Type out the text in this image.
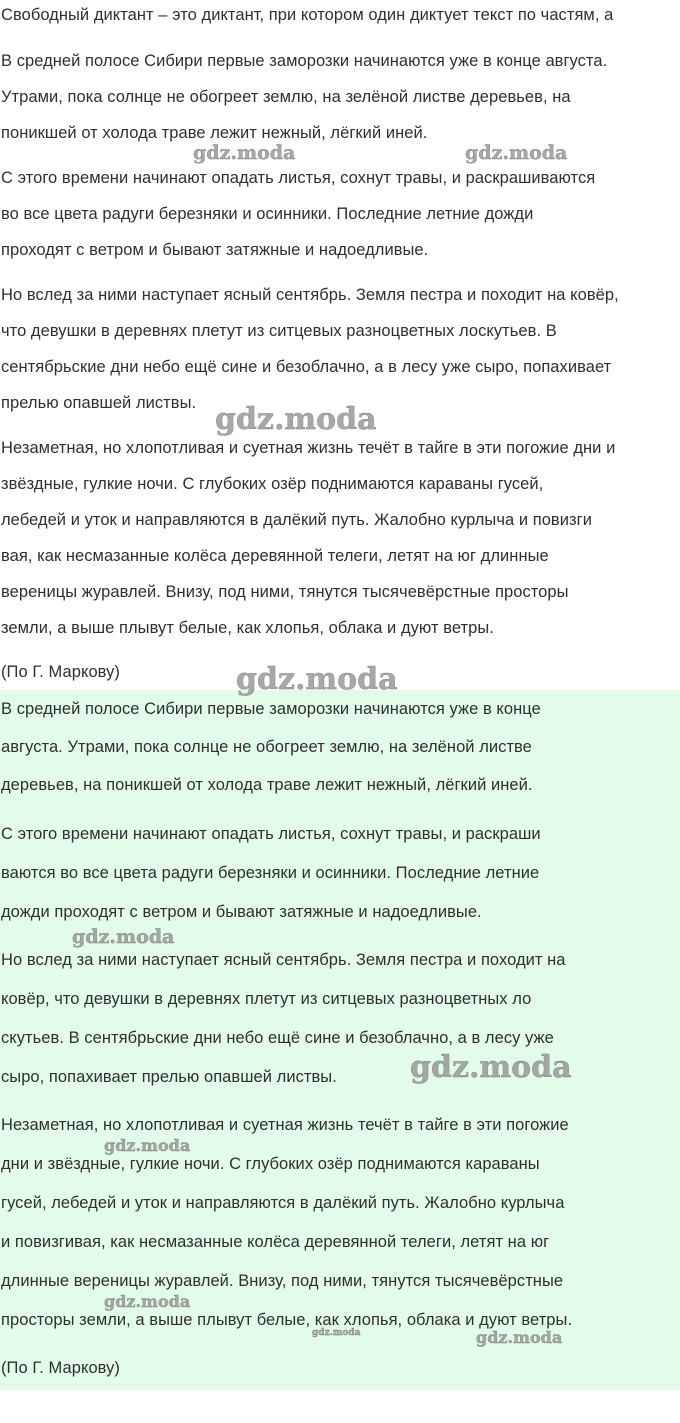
Свободный диктант – это диктант, при котором один диктует текст по частям, а
В средней полосе Сибири первые заморозки начинаются уже в конце августа.
Утрами, пока солнце не обогреет землю, на зелёной листве деревьев, на
поникшей от холода траве лежит нежный, лёгкий иней.
С этого времени начинают опадать листья, сохнут травы, и раскрашиваются
во все цвета радуги березняки и осинники. Последние летние дожди
проходят с ветром и бывают затяжные и надоедливые.
Но вслед за ними наступает ясный сентябрь. Земля пестра и походит на ковёр,
что девушки в деревнях плетут из ситцевых разноцветных лоскутьев. В
сентябрьские дни небо ещё сине и безоблачно, а в лесу уже сыро, попахивает
прелью опавшей листвы.
Незаметная, но хлопотливая и суетная жизнь течёт в тайге в эти погожие дни и
звёздные, гулкие ночи. С глубоких озёр поднимаются караваны гусей,
лебедей и уток и направляются в далёкий путь. Жалобно курлыча и повизги
вая, как несмазанные колёса деревянной телеги, летят на юг длинные
вереницы журавлей. Внизу, под ними, тянутся тысячевёрстные просторы
земли, а выше плывут белые, как хлопья, облака и дуют ветры.
(По Г. Маркову)
В средней полосе Сибири первые заморозки начинаются уже в конце
августа. Утрами, пока солнце не обогреет землю, на зелёной листве
деревьев, на поникшей от холода траве лежит нежный, лёгкий иней.
С этого времени начинают опадать листья, сохнут травы, и раскраши
ваются во все цвета радуги березняки и осинники. Последние летние
дожди проходят с ветром и бывают затяжные и надоедливые.
Но вслед за ними наступает ясный сентябрь. Земля пестра и походит на
ковёр, что девушки в деревнях плетут из ситцевых разноцветных ло
скутьев. В сентябрьские дни небо ещё сине и безоблачно, а в лесу уже
сыро, попахивает прелью опавшей листвы.
Незаметная, но хлопотливая и суетная жизнь течёт в тайге в эти погожие
дни и звёздные, гулкие ночи. С глубоких озёр поднимаются караваны
гусей, лебедей и уток и направляются в далёкий путь. Жалобно курлыча
и повизгивая, как несмазанные колёса деревянной телеги, летят на юг
длинные вереницы журавлей. Внизу, под ними, тянутся тысячевёрстные
просторы земли, а выше плывут белые, как хлопья, облака и дуют ветры.
(По Г. Маркову)
gdz.moda	gdz.moda
gdz.moda
gdz.moda
gdz.moda
gdz.moda
gdz.moda
gdz.moda
gdz.moda	gdz.moda
